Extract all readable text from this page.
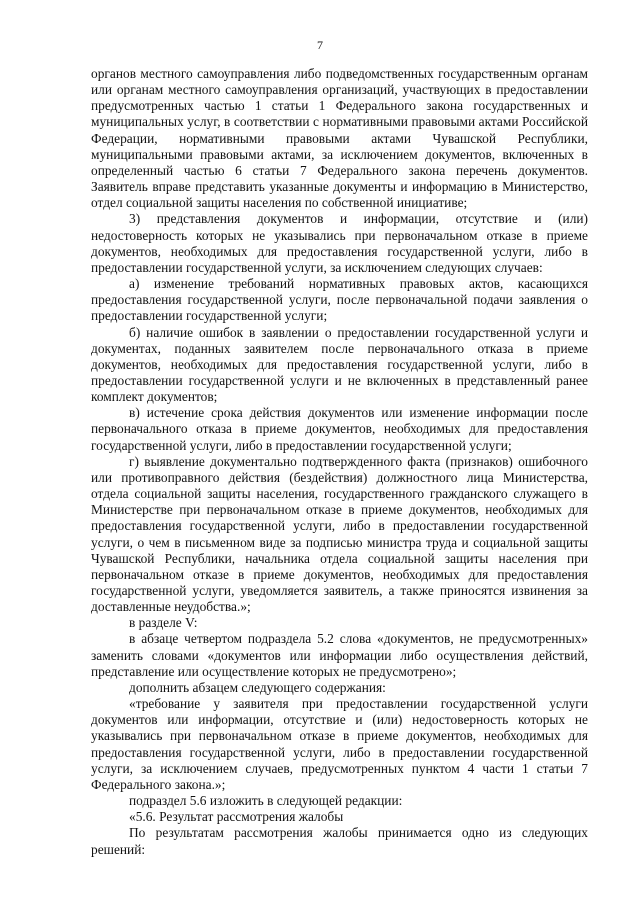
7

органов местного самоуправления либо подведомственных государственным органам или органам местного самоуправления организаций, участвующих в предоставлении предусмотренных частью 1 статьи 1 Федерального закона государственных и муниципальных услуг, в соответствии с нормативными правовыми актами Российской Федерации, нормативными правовыми актами Чувашской Республики, муниципальными правовыми актами, за исключением документов, включенных в определенный частью 6 статьи 7 Федерального закона перечень документов. Заявитель вправе представить указанные документы и информацию в Министерство, отдел социальной защиты населения по собственной инициативе;

3) представления документов и информации, отсутствие и (или) недостоверность которых не указывались при первоначальном отказе в приеме документов, необходимых для предоставления государственной услуги, либо в предоставлении государственной услуги, за исключением следующих случаев:

а) изменение требований нормативных правовых актов, касающихся предоставления государственной услуги, после первоначальной подачи заявления о предоставлении государственной услуги;

б) наличие ошибок в заявлении о предоставлении государственной услуги и документах, поданных заявителем после первоначального отказа в приеме документов, необходимых для предоставления государственной услуги, либо в предоставлении государственной услуги и не включенных в представленный ранее комплект документов;

в) истечение срока действия документов или изменение информации после первоначального отказа в приеме документов, необходимых для предоставления государственной услуги, либо в предоставлении государственной услуги;

г) выявление документально подтвержденного факта (признаков) ошибочного или противоправного действия (бездействия) должностного лица Министерства, отдела социальной защиты населения, государственного гражданского служащего в Министерстве при первоначальном отказе в приеме документов, необходимых для предоставления государственной услуги, либо в предоставлении государственной услуги, о чем в письменном виде за подписью министра труда и социальной защиты Чувашской Республики, начальника отдела социальной защиты населения при первоначальном отказе в приеме документов, необходимых для предоставления государственной услуги, уведомляется заявитель, а также приносятся извинения за доставленные неудобства.»;

в разделе V:

в абзаце четвертом подраздела 5.2 слова «документов, не предусмотренных» заменить словами «документов или информации либо осуществления действий, представление или осуществление которых не предусмотрено»;

дополнить абзацем следующего содержания:

«требование у заявителя при предоставлении государственной услуги документов или информации, отсутствие и (или) недостоверность которых не указывались при первоначальном отказе в приеме документов, необходимых для предоставления государственной услуги, либо в предоставлении государственной услуги, за исключением случаев, предусмотренных пунктом 4 части 1 статьи 7 Федерального закона.»;

подраздел 5.6 изложить в следующей редакции:

«5.6. Результат рассмотрения жалобы

По результатам рассмотрения жалобы принимается одно из следующих решений:
